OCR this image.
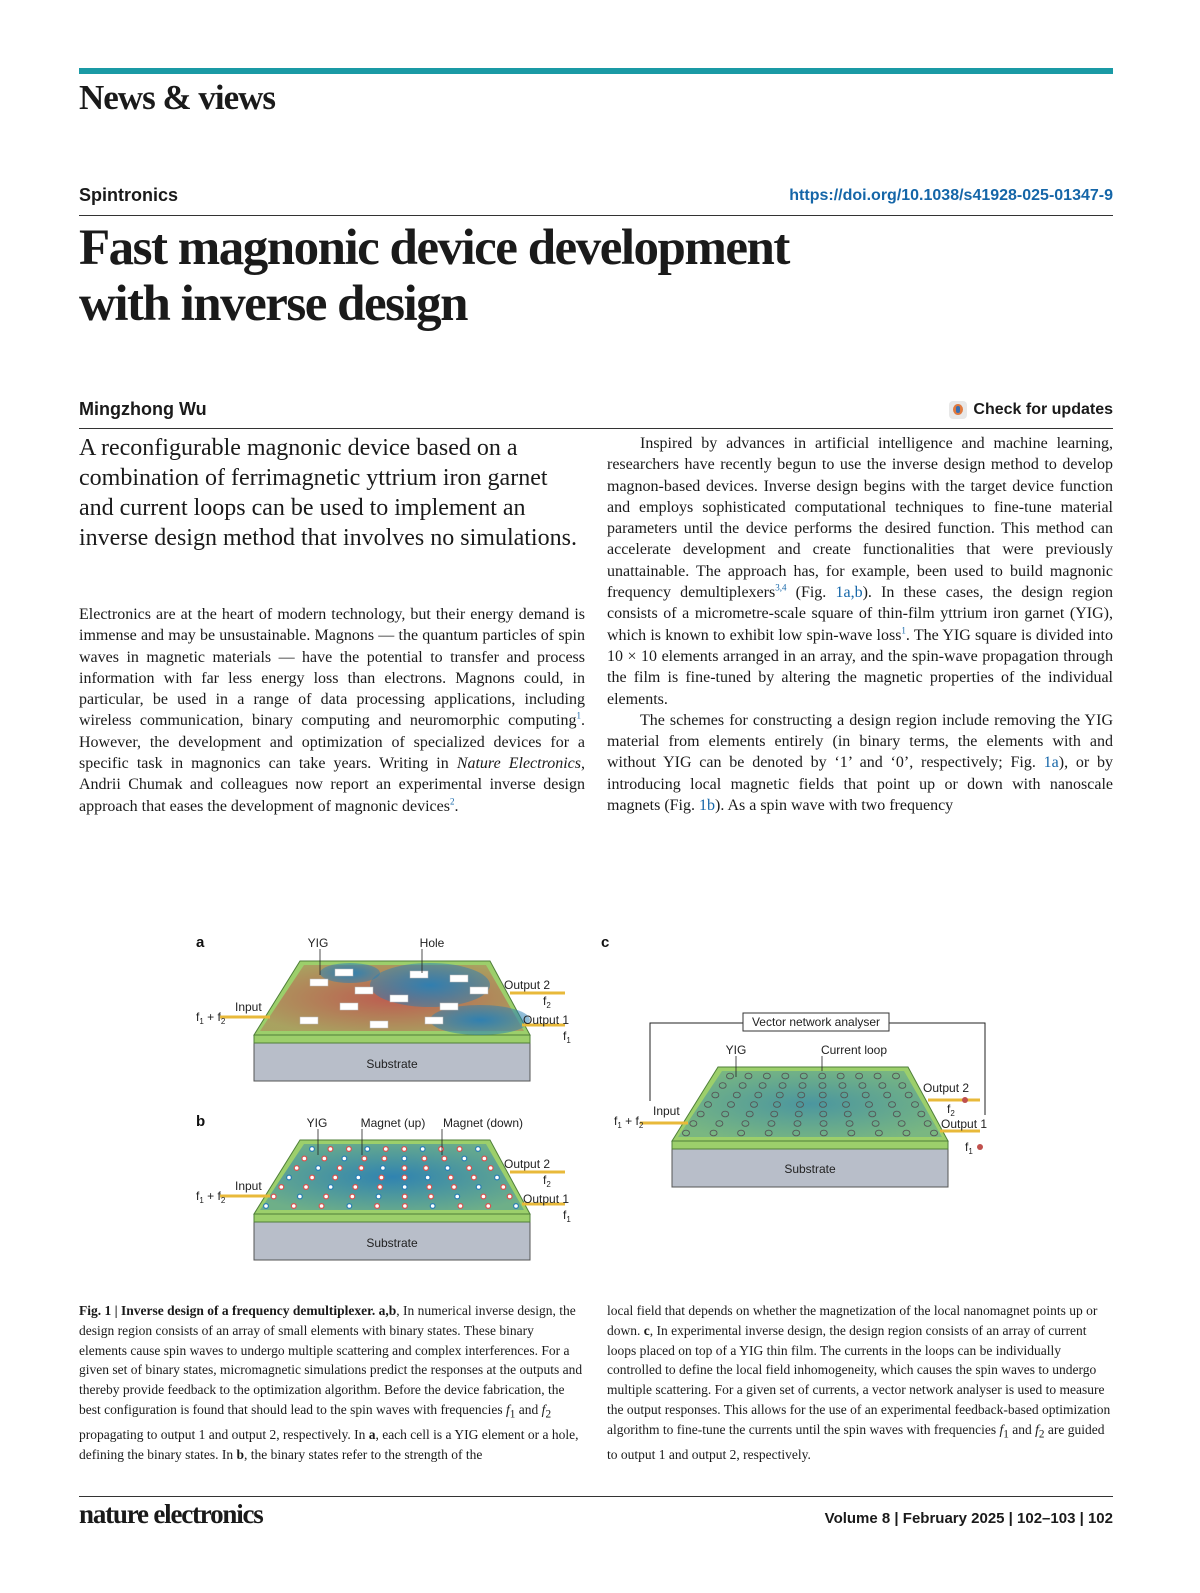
News & views
Spintronics	https://doi.org/10.1038/s41928-025-01347-9
Fast magnonic device development
with inverse design
Mingzhong Wu	Check for updates
A reconfigurable magnonic device based on a combination of ferrimagnetic yttrium iron garnet and current loops can be used to implement an inverse design method that involves no simulations.

Electronics are at the heart of modern technology, but their energy demand is immense and may be unsustainable. Magnons — the quantum particles of spin waves in magnetic materials — have the potential to transfer and process information with far less energy loss than electrons. Magnons could, in particular, be used in a range of data processing applications, including wireless communication, binary computing and neuromorphic computing$^1$. However, the development and optimization of specialized devices for a specific task in magnonics can take years. Writing in Nature Electronics, Andrii Chumak and colleagues now report an experimental inverse design approach that eases the development of magnonic devices$^2$.

Inspired by advances in artificial intelligence and machine learning, researchers have recently begun to use the inverse design method to develop magnon-based devices. Inverse design begins with the target device function and employs sophisticated computational techniques to fine-tune material parameters until the device performs the desired function. This method can accelerate development and create functionalities that were previously unattainable. The approach has, for example, been used to build magnonic frequency demultiplexers$^{3,4}$ (Fig. 1a,b). In these cases, the design region consists of a micrometre-scale square of thin-film yttrium iron garnet (YIG), which is known to exhibit low spin-wave loss$^1$. The YIG square is divided into 10 × 10 elements arranged in an array, and the spin-wave propagation through the film is fine-tuned by altering the magnetic properties of the individual elements.

The schemes for constructing a design region include removing the YIG material from elements entirely (in binary terms, the elements with and without YIG can be denoted by ‘1’ and ‘0’, respectively; Fig. 1a), or by introducing local magnetic fields that point up or down with nanoscale magnets (Fig. 1b). As a spin wave with two frequency

a
Substrate
YIG	Hole
Input
$f_1 + f_2$
Output 2
$f_2$
Output 1
$f_1$
b
Substrate
YIG	Magnet (up) Magnet (down)
Input
$f_1 + f_2$
Output 2
$f_2$
Output 1
$f_1$
c
Vector network analyser
Substrate
YIG	Current loop
Input
$f_1 + f_2$
Output 2
$f_2$
Output 1
$f_1$
Fig. 1 | Inverse design of a frequency demultiplexer. a,b, In numerical inverse design, the design region consists of an array of small elements with binary states. These binary elements cause spin waves to undergo multiple scattering and complex interferences. For a given set of binary states, micromagnetic simulations predict the responses at the outputs and thereby provide feedback to the optimization algorithm. Before the device fabrication, the best configuration is found that should lead to the spin waves with frequencies $f_1$ and $f_2$ propagating to output 1 and output 2, respectively. In a, each cell is a YIG element or a hole, defining the binary states. In b, the binary states refer to the strength of the
local field that depends on whether the magnetization of the local nanomagnet points up or down. c, In experimental inverse design, the design region consists of an array of current loops placed on top of a YIG thin film. The currents in the loops can be individually controlled to define the local field inhomogeneity, which causes the spin waves to undergo multiple scattering. For a given set of currents, a vector network analyser is used to measure the output responses. This allows for the use of an experimental feedback-based optimization algorithm to fine-tune the currents until the spin waves with frequencies $f_1$ and $f_2$ are guided to output 1 and output 2, respectively.
nature electronics	Volume 8 | February 2025 | 102–103 | 102
